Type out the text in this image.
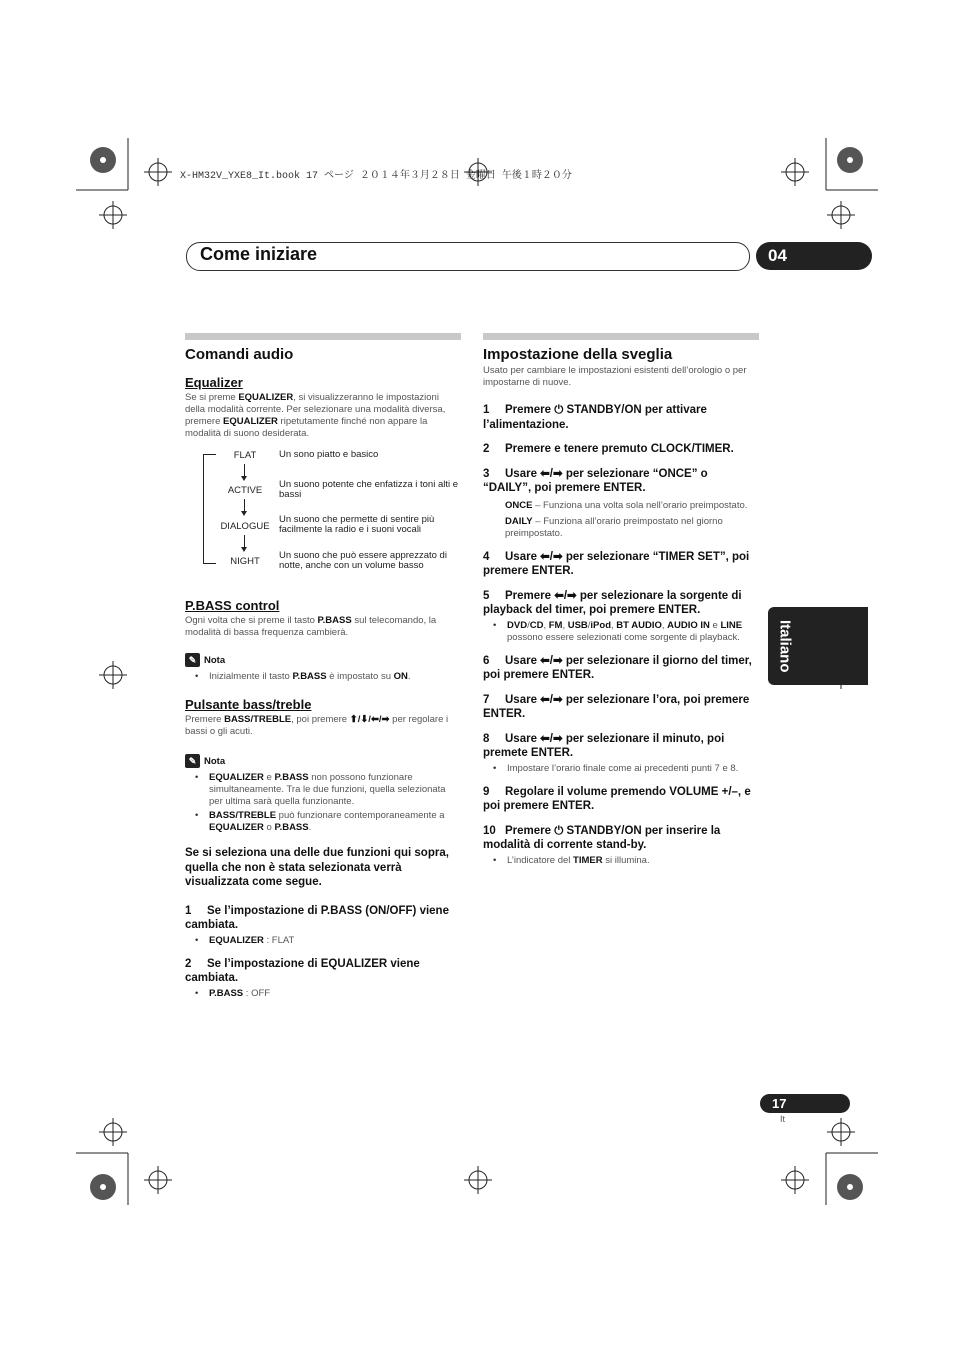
X-HM32V_YXE8_It.book 17 ページ ２０１４年３月２８日 金曜日 午後１時２０分
Come iniziare	04
Italiano
Comandi audio
Equalizer
Se si preme EQUALIZER, si visualizzeranno le impostazioni della modalità corrente. Per selezionare una modalità diversa, premere EQUALIZER ripetutamente finché non appare la modalità di suono desiderata.
FLAT	Un sono piatto e basico
ACTIVE
Un suono potente che enfatizza i toni alti e bassi
DIALOGUE
Un suono che permette di sentire più facilmente la radio e i suoni vocali
NIGHT
Un suono che può essere apprezzato di notte, anche con un volume basso
P.BASS control
Ogni volta che si preme il tasto P.BASS sul telecomando, la modalità di bassa frequenza cambierà.
✎ Nota
• Inizialmente il tasto P.BASS è impostato su ON.
Pulsante bass/treble
Premere BASS/TREBLE, poi premere ⬆/⬇/⬅/➡ per regolare i bassi o gli acuti.
✎ Nota
• EQUALIZER e P.BASS non possono funzionare simultaneamente. Tra le due funzioni, quella selezionata per ultima sarà quella funzionante.
• BASS/TREBLE può funzionare contemporaneamente a EQUALIZER o P.BASS.
Se si seleziona una delle due funzioni qui sopra, quella che non è stata selezionata verrà visualizzata come segue.
1 Se l’impostazione di P.BASS (ON/OFF) viene cambiata.
• EQUALIZER : FLAT
2 Se l’impostazione di EQUALIZER viene cambiata.
• P.BASS : OFF
Impostazione della sveglia
Usato per cambiare le impostazioni esistenti dell’orologio o per impostarne di nuove.
1 Premere ⏻ STANDBY/ON per attivare l’alimentazione.
2 Premere e tenere premuto CLOCK/TIMER.
3 Usare ⬅/➡ per selezionare “ONCE” o “DAILY”, poi premere ENTER.
ONCE – Funziona una volta sola nell’orario preimpostato.
DAILY – Funziona all’orario preimpostato nel giorno preimpostato.
4 Usare ⬅/➡ per selezionare “TIMER SET”, poi premere ENTER.
5 Premere ⬅/➡ per selezionare la sorgente di playback del timer, poi premere ENTER.
• DVD/CD, FM, USB/iPod, BT AUDIO, AUDIO IN e LINE possono essere selezionati come sorgente di playback.
6 Usare ⬅/➡ per selezionare il giorno del timer, poi premere ENTER.
7 Usare ⬅/➡ per selezionare l’ora, poi premere ENTER.
8 Usare ⬅/➡ per selezionare il minuto, poi premete ENTER.
• Impostare l’orario finale come ai precedenti punti 7 e 8.
9 Regolare il volume premendo VOLUME +/–, e poi premere ENTER.
10 Premere ⏻ STANDBY/ON per inserire la modalità di corrente stand-by.
• L’indicatore del TIMER si illumina.
17
It
